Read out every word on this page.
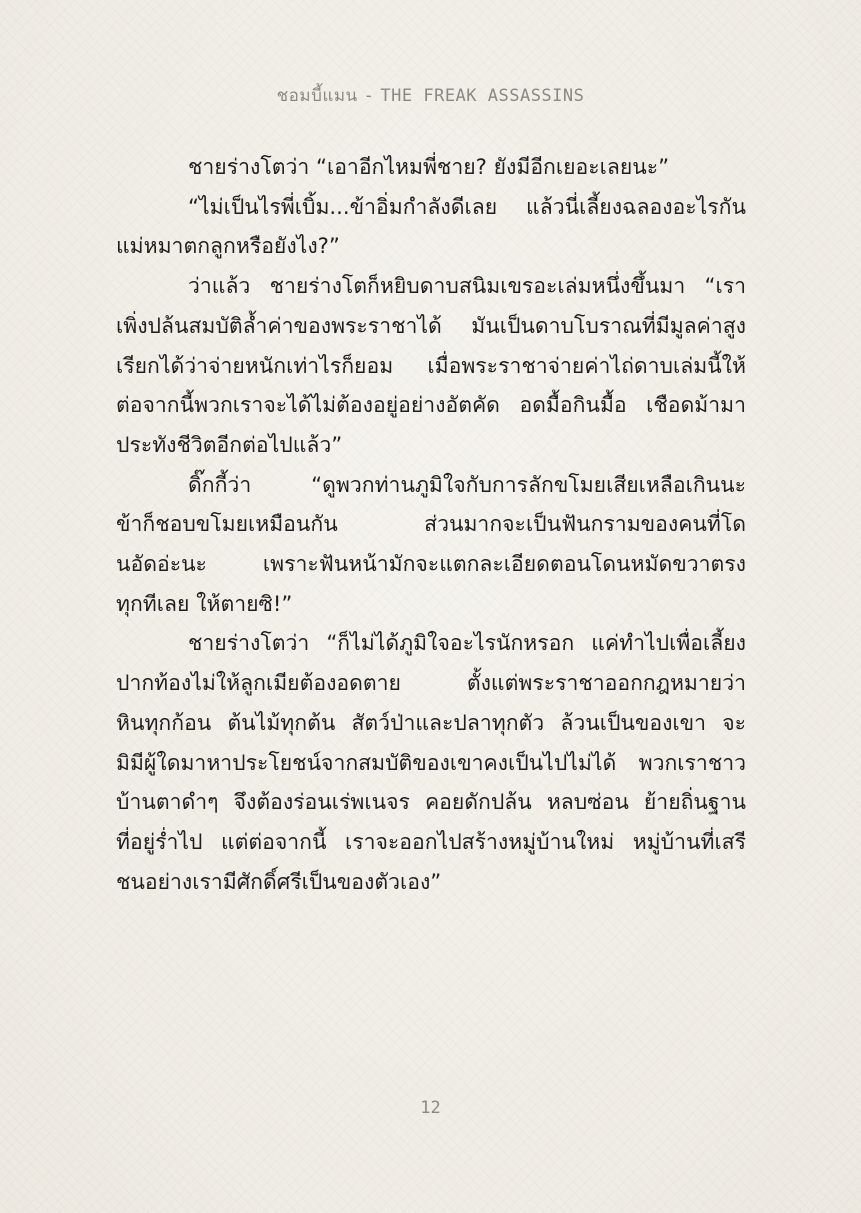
ชอมบี้แมน - THE FREAK ASSASSINS
ชายร่างโตว่า “เอาอีกไหมพี่ชาย? ยังมีอีกเยอะเลยนะ”
“ไม่เป็นไรพี่เบิ้ม...ข้าอิ่มกำลังดีเลย แล้วนี่เลี้ยงฉลองอะไรกัน
แม่หมาตกลูกหรือยังไง?”
ว่าแล้ว ชายร่างโตก็หยิบดาบสนิมเขรอะเล่มหนึ่งขึ้นมา “เรา
เพิ่งปล้นสมบัติล้ำค่าของพระราชาได้ มันเป็นดาบโบราณที่มีมูลค่าสูง
เรียกได้ว่าจ่ายหนักเท่าไรก็ยอม เมื่อพระราชาจ่ายค่าไถ่ดาบเล่มนี้ให้
ต่อจากนี้พวกเราจะได้ไม่ต้องอยู่อย่างอัตคัด อดมื้อกินมื้อ เชือดม้ามา
ประทังชีวิตอีกต่อไปแล้ว”
ดิ๊กกี้ว่า “ดูพวกท่านภูมิใจกับการลักขโมยเสียเหลือเกินนะ
ข้าก็ชอบขโมยเหมือนกัน ส่วนมากจะเป็นฟันกรามของคนที่โด
นอัดอ่ะนะ เพราะฟันหน้ามักจะแตกละเอียดตอนโดนหมัดขวาตรง
ทุกทีเลย ให้ตายซิ!”
ชายร่างโตว่า “ก็ไม่ได้ภูมิใจอะไรนักหรอก แค่ทำไปเพื่อเลี้ยง
ปากท้องไม่ให้ลูกเมียต้องอดตาย ตั้งแต่พระราชาออกกฎหมายว่า
หินทุกก้อน ต้นไม้ทุกต้น สัตว์ป่าและปลาทุกตัว ล้วนเป็นของเขา จะ
มิมีผู้ใดมาหาประโยชน์จากสมบัติของเขาคงเป็นไปไม่ได้ พวกเราชาว
บ้านตาดำๆ จึงต้องร่อนเร่พเนจร คอยดักปล้น หลบซ่อน ย้ายถิ่นฐาน
ที่อยู่ร่ำไป แต่ต่อจากนี้ เราจะออกไปสร้างหมู่บ้านใหม่ หมู่บ้านที่เสรี
ชนอย่างเรามีศักดิ์ศรีเป็นของตัวเอง”
12
